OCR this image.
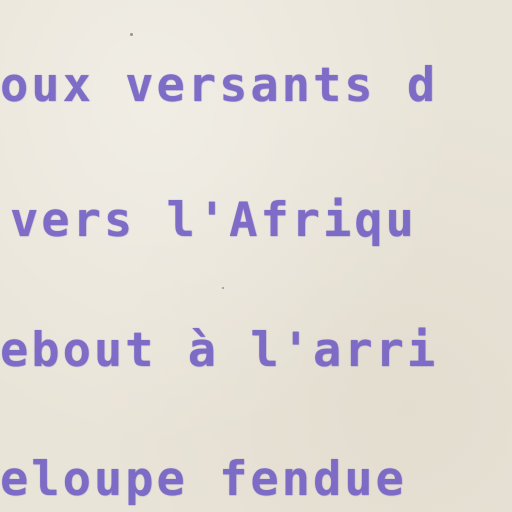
oux versants d
vers l'Afriqu
ebout à l'arri
eloupe fendue
